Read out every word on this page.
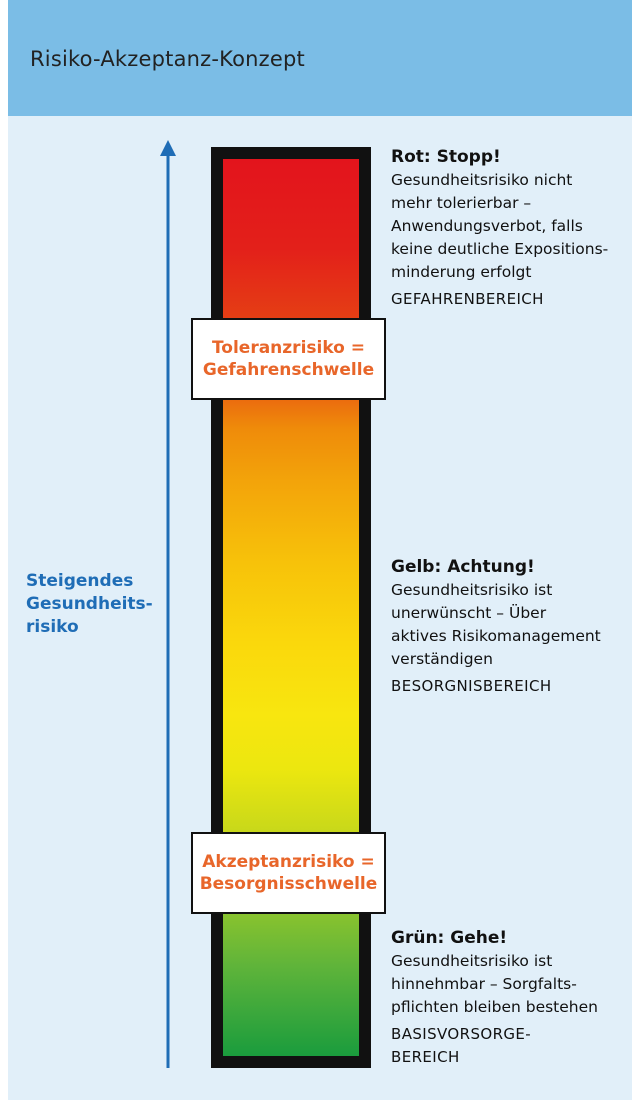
Risiko-Akzeptanz-Konzept
Steigendes
Gesundheits-
risiko
Toleranzrisiko =
Gefahrenschwelle
Akzeptanzrisiko =
Besorgnisschwelle
Rot: Stopp!
Gesundheitsrisiko nicht
mehr tolerierbar –
Anwendungsverbot, falls
keine deutliche Expositions-
minderung erfolgt
GEFAHRENBEREICH
Gelb: Achtung!
Gesundheitsrisiko ist
unerwünscht – Über
aktives Risikomanagement
verständigen
BESORGNISBEREICH
Grün: Gehe!
Gesundheitsrisiko ist
hinnehmbar – Sorgfalts-
pflichten bleiben bestehen
BASISVORSORGE-
BEREICH
